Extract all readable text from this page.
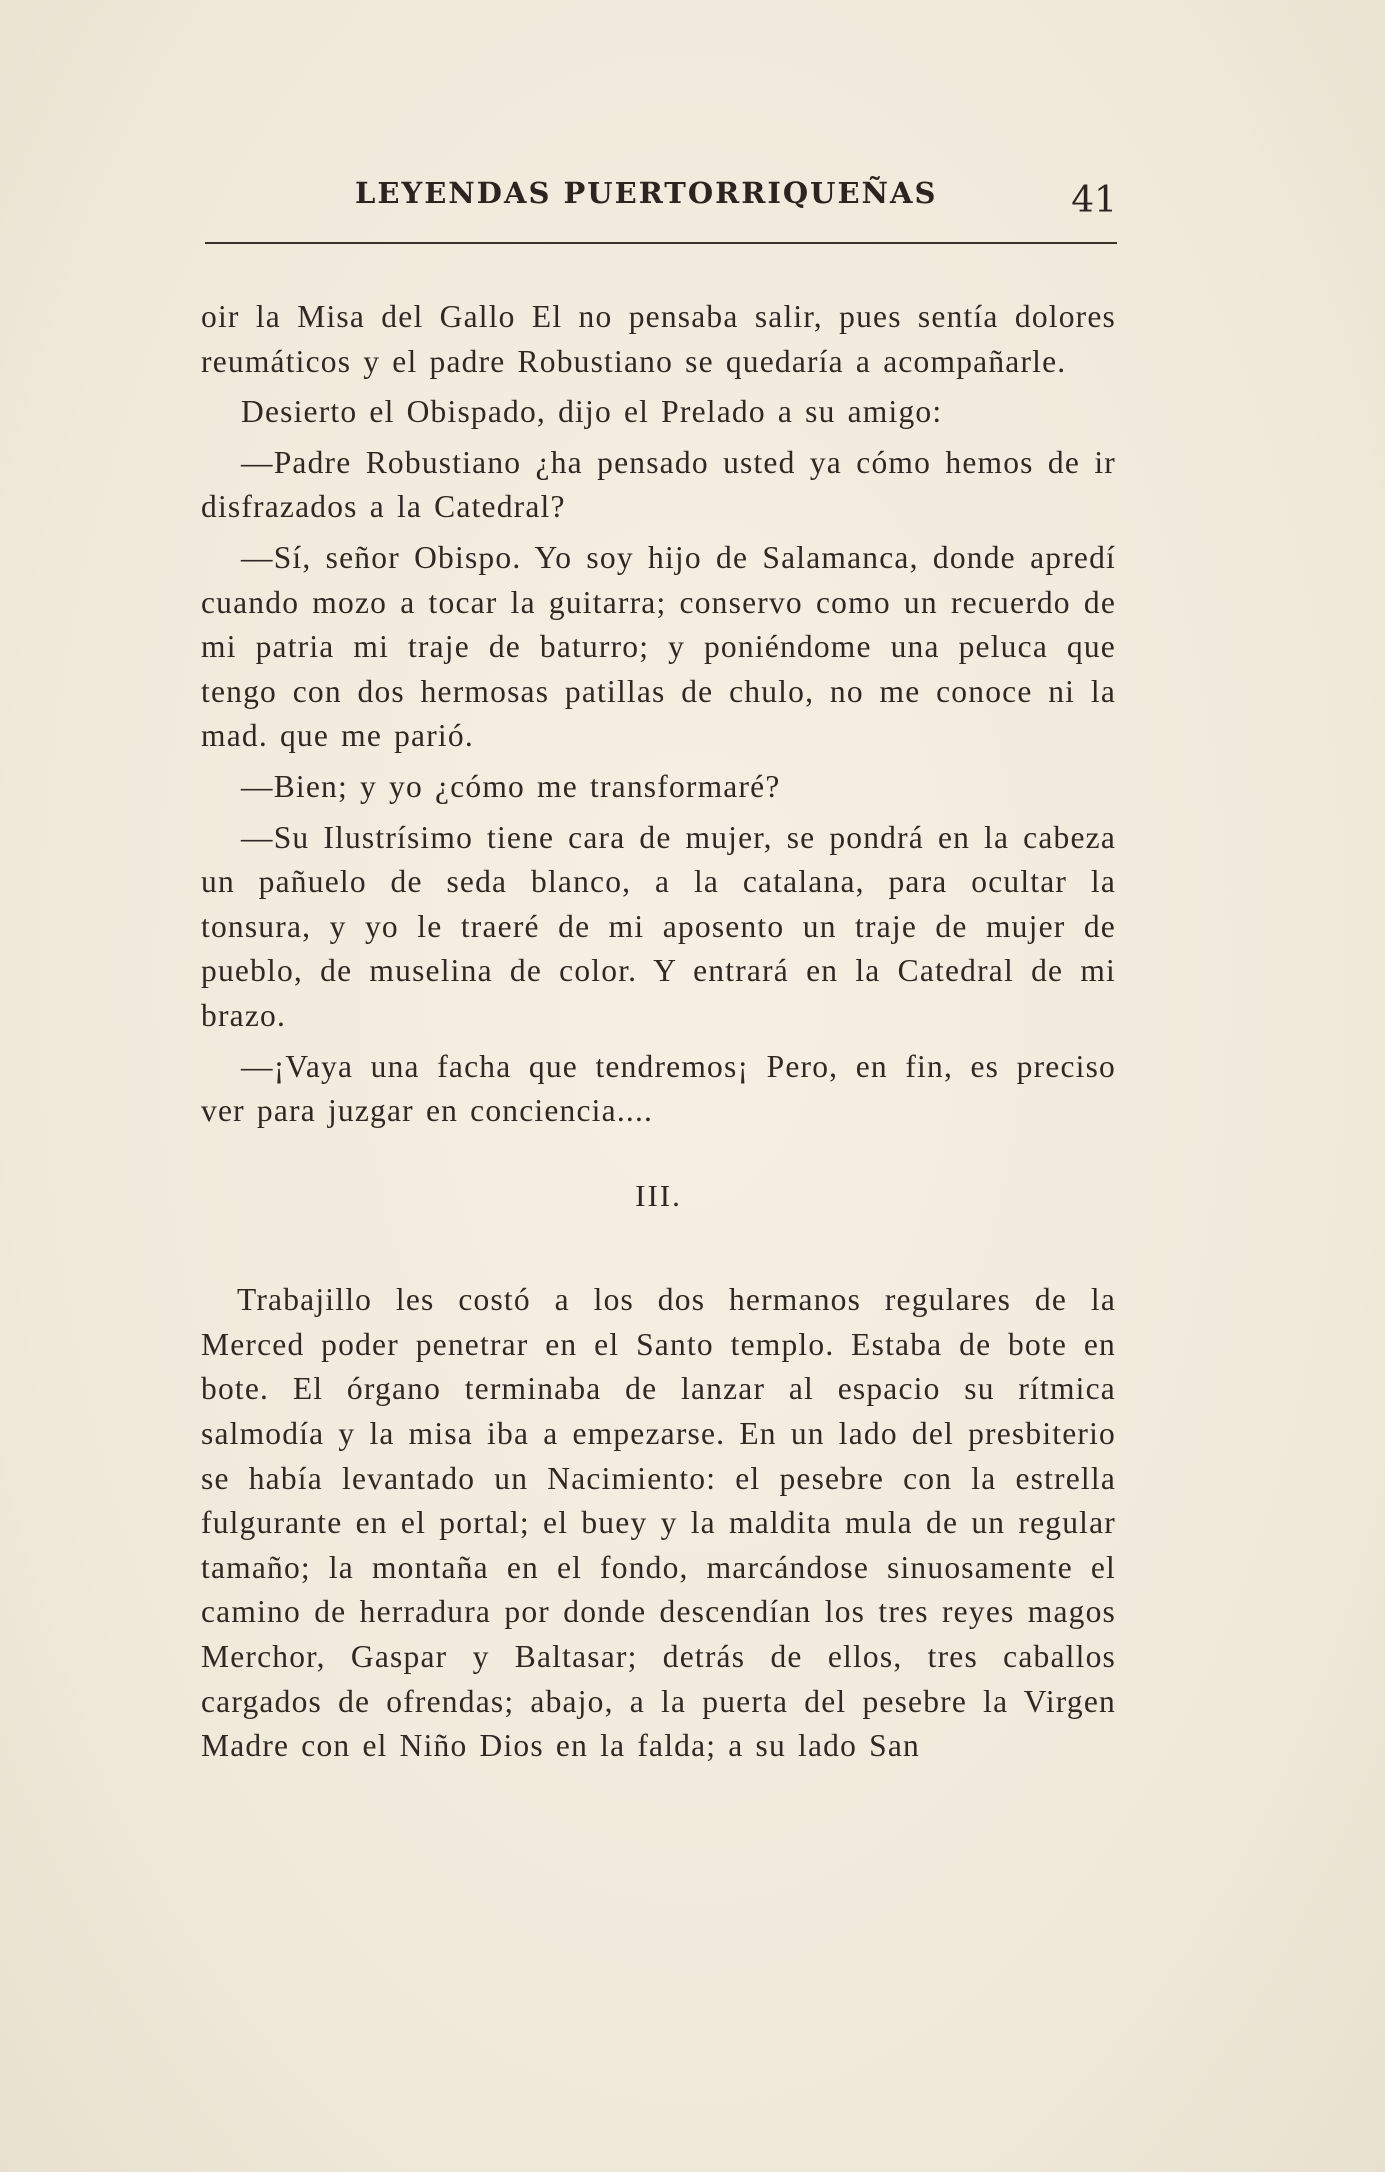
LEYENDAS PUERTORRIQUEÑAS	41

oir la Misa del Gallo El no pensaba salir, pues sentía dolores reumáticos y el padre Robustiano se quedaría a acompañarle.

Desierto el Obispado, dijo el Prelado a su amigo:

—Padre Robustiano ¿ha pensado usted ya cómo hemos de ir disfrazados a la Catedral?

—Sí, señor Obispo. Yo soy hijo de Salamanca, donde apredí cuando mozo a tocar la guitarra; conservo como un recuerdo de mi patria mi traje de baturro; y poniéndome una peluca que tengo con dos hermosas patillas de chulo, no me conoce ni la mad. que me parió.

—Bien; y yo ¿cómo me transformaré?

—Su Ilustrísimo tiene cara de mujer, se pondrá en la cabeza un pañuelo de seda blanco, a la catalana, para ocultar la tonsura, y yo le traeré de mi aposento un traje de mujer de pueblo, de muselina de color. Y entrará en la Catedral de mi brazo.

—¡Vaya una facha que tendremos¡ Pero, en fin, es preciso ver para juzgar en conciencia....

III.

Trabajillo les costó a los dos hermanos regulares de la Merced poder penetrar en el Santo templo. Estaba de bote en bote. El órgano terminaba de lanzar al espacio su rítmica salmodía y la misa iba a empezarse. En un lado del presbiterio se había levantado un Nacimiento: el pesebre con la estrella fulgurante en el portal; el buey y la maldita mula de un regular tamaño; la montaña en el fondo, marcándose sinuosamente el camino de herradura por donde descendían los tres reyes magos Merchor, Gaspar y Baltasar; detrás de ellos, tres caballos cargados de ofrendas; abajo, a la puerta del pesebre la Virgen Madre con el Niño Dios en la falda; a su lado San
